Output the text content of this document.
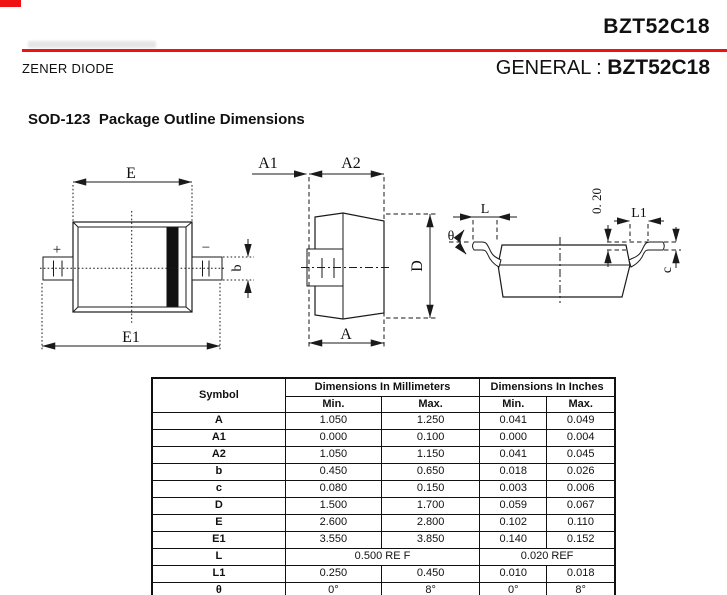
BZT52C18
ZENER DIODE	GENERAL : BZT52C18
SOD-123  Package Outline Dimensions
E
+	−
b
E1
A1	A2
D
A
L
θ
0. 20 L1
c
Symbol	Dimensions In Millimeters		Dimensions In Inches	
	Min.	Max.	Min.	Max.
A	1.050	1.250	0.041	0.049
A1	0.000	0.100	0.000	0.004
A2	1.050	1.150	0.041	0.045
b	0.450	0.650	0.018	0.026
c	0.080	0.150	0.003	0.006
D	1.500	1.700	0.059	0.067
E	2.600	2.800	0.102	0.110
E1	3.550	3.850	0.140	0.152
L	0.500 RE F		0.020 REF	
L1	0.250	0.450	0.010	0.018
θ	0°	8°	0°	8°
